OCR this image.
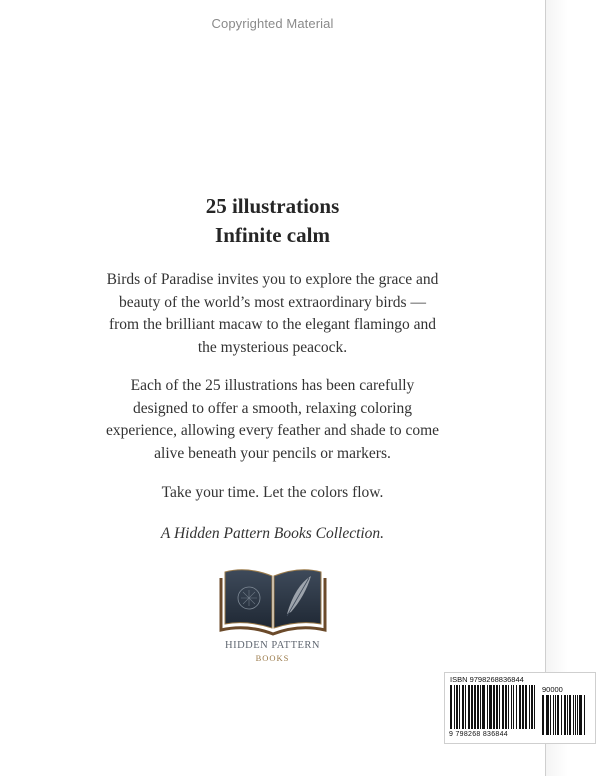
Copyrighted Material
25 illustrations
Infinite calm
Birds of Paradise invites you to explore the grace and
beauty of the world’s most extraordinary birds —
from the brilliant macaw to the elegant flamingo and
the mysterious peacock.
Each of the 25 illustrations has been carefully
designed to offer a smooth, relaxing coloring
experience, allowing every feather and shade to come
alive beneath your pencils or markers.
Take your time. Let the colors flow.
A Hidden Pattern Books Collection.
HIDDEN PATTERN
BOOKS
ISBN 9798268836844
90000
9 798268 836844
